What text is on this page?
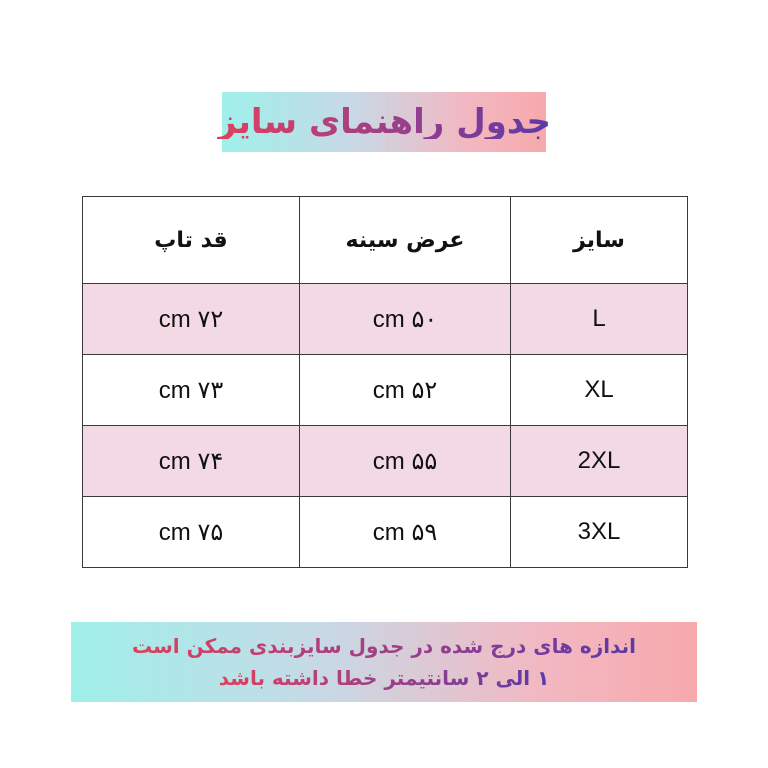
جدول راهنمای سایز
سایز	عرض سینه	قد تاپ
L	۵۰ cm	۷۲ cm
XL	۵۲ cm	۷۳ cm
2XL	۵۵ cm	۷۴ cm
3XL	۵۹ cm	۷۵ cm
اندازه های درج شده در جدول سایزبندی ممکن است
۱ الی ۲ سانتیمتر خطا داشته باشد
